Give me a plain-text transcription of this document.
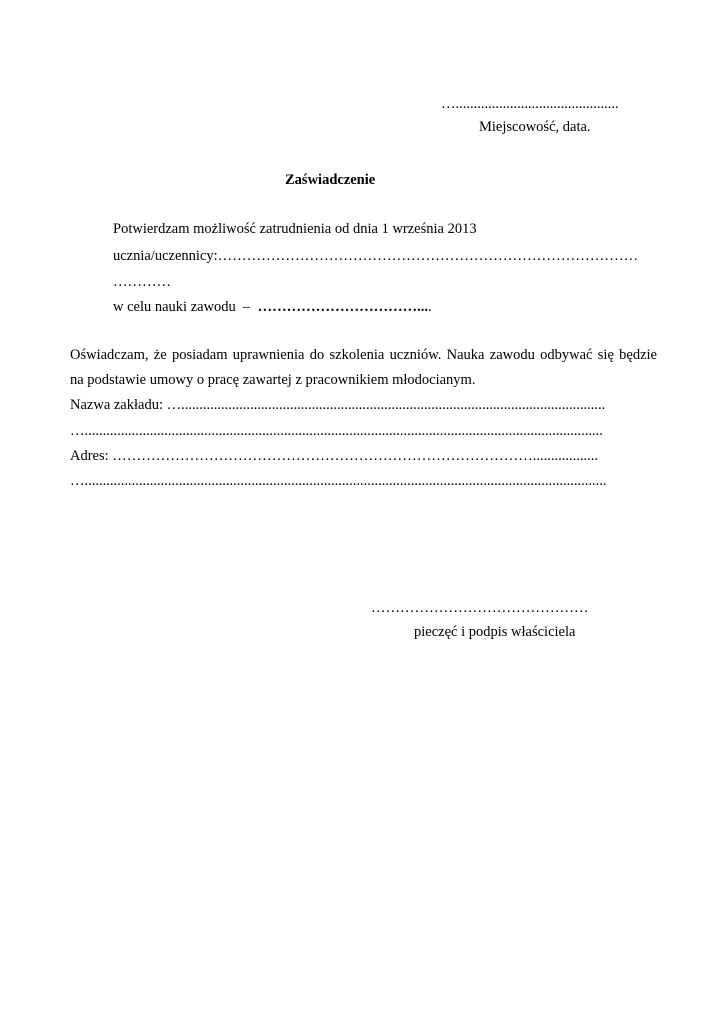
….............................................
Miejscowość, data.
Zaświadczenie
Potwierdzam możliwość zatrudnienia od dnia 1 września 2013
ucznia/uczennicy:……………………………………………………………………………
…………
w celu nauki zawodu  –  ……………………………....
Oświadczam, że posiadam uprawnienia do szkolenia uczniów. Nauka zawodu odbywać się będzie
na podstawie umowy o pracę zawartej z pracownikiem młodocianym.
Nazwa zakładu: ….....................................................................................................................
…...............................................................................................................................................
Adres: ……………………………………………………………………………..................
…................................................................................................................................................
………………………………………
pieczęć i podpis właściciela
